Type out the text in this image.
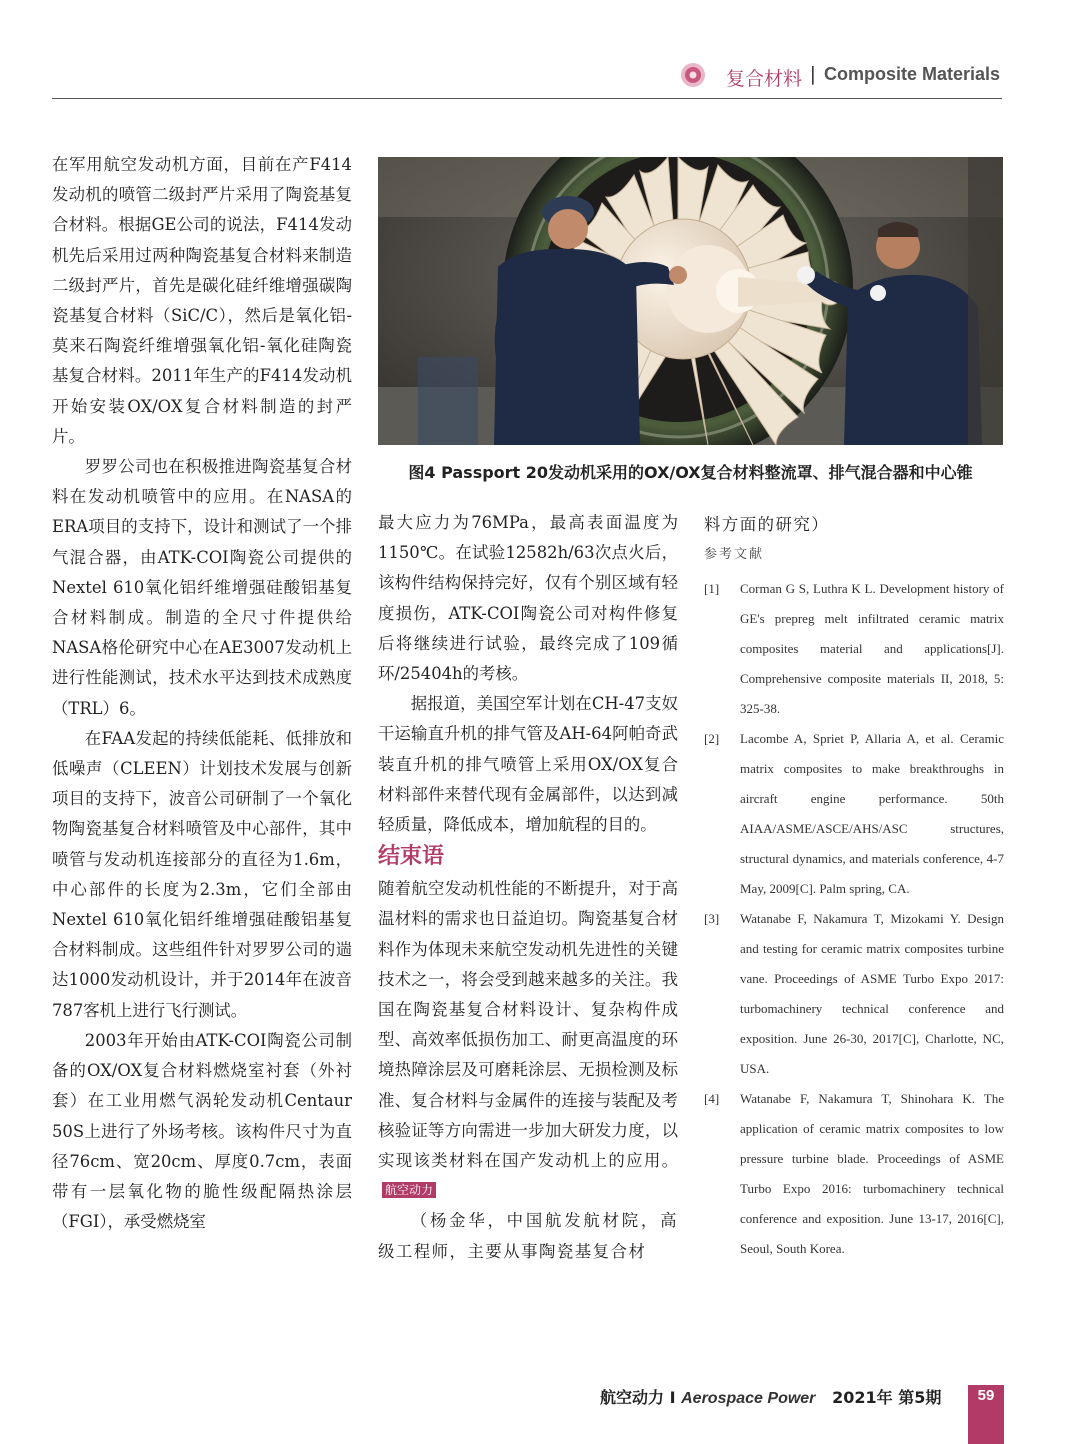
复合材料 | Composite Materials

在军用航空发动机方面，目前在产F414发动机的喷管二级封严片采用了陶瓷基复合材料。根据GE公司的说法，F414发动机先后采用过两种陶瓷基复合材料来制造二级封严片，首先是碳化硅纤维增强碳陶瓷基复合材料（SiC/C），然后是氧化铝-莫来石陶瓷纤维增强氧化铝-氧化硅陶瓷基复合材料。2011年生产的F414发动机开始安装OX/OX复合材料制造的封严片。

罗罗公司也在积极推进陶瓷基复合材料在发动机喷管中的应用。在NASA的ERA项目的支持下，设计和测试了一个排气混合器，由ATK-COI陶瓷公司提供的Nextel 610氧化铝纤维增强硅酸铝基复合材料制成。制造的全尺寸件提供给NASA格伦研究中心在AE3007发动机上进行性能测试，技术水平达到技术成熟度（TRL）6。

在FAA发起的持续低能耗、低排放和低噪声（CLEEN）计划技术发展与创新项目的支持下，波音公司研制了一个氧化物陶瓷基复合材料喷管及中心部件，其中喷管与发动机连接部分的直径为1.6m，中心部件的长度为2.3m，它们全部由Nextel 610氧化铝纤维增强硅酸铝基复合材料制成。这些组件针对罗罗公司的遄达1000发动机设计，并于2014年在波音787客机上进行飞行测试。

2003年开始由ATK-COI陶瓷公司制备的OX/OX复合材料燃烧室衬套（外衬套）在工业用燃气涡轮发动机Centaur 50S上进行了外场考核。该构件尺寸为直径76cm、宽20cm、厚度0.7cm，表面带有一层氧化物的脆性级配隔热涂层（FGI），承受燃烧室

图4 Passport 20发动机采用的OX/OX复合材料整流罩、排气混合器和中心锥

最大应力为76MPa，最高表面温度为1150℃。在试验12582h/63次点火后，该构件结构保持完好，仅有个别区域有轻度损伤，ATK-COI陶瓷公司对构件修复后将继续进行试验，最终完成了109循环/25404h的考核。

据报道，美国空军计划在CH-47支奴干运输直升机的排气管及AH-64阿帕奇武装直升机的排气喷管上采用OX/OX复合材料部件来替代现有金属部件，以达到减轻质量，降低成本，增加航程的目的。

结束语

随着航空发动机性能的不断提升，对于高温材料的需求也日益迫切。陶瓷基复合材料作为体现未来航空发动机先进性的关键技术之一，将会受到越来越多的关注。我国在陶瓷基复合材料设计、复杂构件成型、高效率低损伤加工、耐更高温度的环境热障涂层及可磨耗涂层、无损检测及标准、复合材料与金属件的连接与装配及考核验证等方向需进一步加大研发力度，以实现该类材料在国产发动机上的应用。航空动力

（杨金华，中国航发航材院，高级工程师，主要从事陶瓷基复合材

料方面的研究）

参考文献

[1] Corman G S, Luthra K L. Development history of GE's prepreg melt infiltrated ceramic matrix composites material and applications[J]. Comprehensive composite materials II, 2018, 5: 325-38.
[2] Lacombe A, Spriet P, Allaria A, et al. Ceramic matrix composites to make breakthroughs in aircraft engine performance. 50th AIAA/ASME/ASCE/AHS/ASC structures, structural dynamics, and materials conference, 4-7 May, 2009[C]. Palm spring, CA.
[3] Watanabe F, Nakamura T, Mizokami Y. Design and testing for ceramic matrix composites turbine vane. Proceedings of ASME Turbo Expo 2017: turbomachinery technical conference and exposition. June 26-30, 2017[C], Charlotte, NC, USA.
[4] Watanabe F, Nakamura T, Shinohara K. The application of ceramic matrix composites to low pressure turbine blade. Proceedings of ASME Turbo Expo 2016: turbomachinery technical conference and exposition. June 13-17, 2016[C], Seoul, South Korea.
航空动力 I Aerospace Power 2021年 第5期	59
